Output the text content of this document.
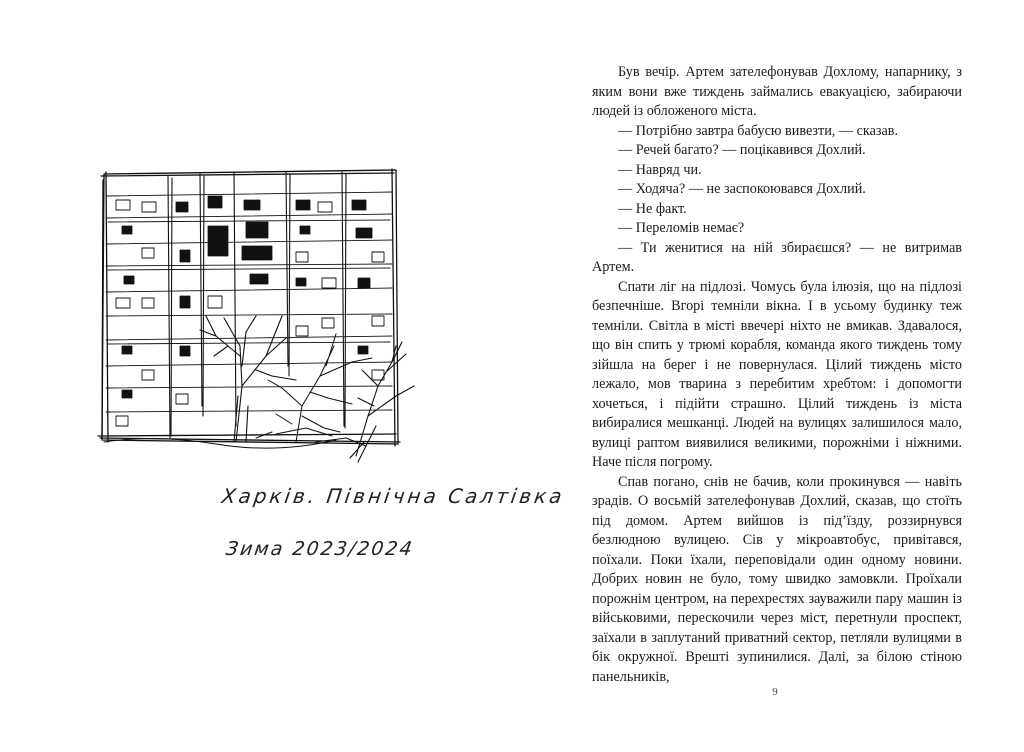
Харків. Північна Салтівка
Зима 2023/2024

Був вечір. Артем зателефонував Дохлому, напарнику, з яким вони вже тиждень займались евакуацією, забираючи людей із обложеного міста.

— Потрібно завтра бабусю вивезти, — сказав.

— Речей багато? — поцікавився Дохлий.

— Навряд чи.

— Ходяча? — не заспокоювався Дохлий.

— Не факт.

— Переломів немає?

— Ти женитися на ній збираєшся? — не витримав Артем.

Спати ліг на підлозі. Чомусь була ілюзія, що на підлозі безпечніше. Вгорі темніли вікна. І в усьому будинку теж темніли. Світла в місті ввечері ніхто не вмикав. Здавалося, що він спить у трюмі корабля, команда якого тиждень тому зійшла на берег і не повернулася. Цілий тиждень місто лежало, мов тварина з перебитим хребтом: і допомогти хочеться, і підійти страшно. Цілий тиждень із міста вибиралися мешканці. Людей на вулицях залишилося мало, вулиці раптом виявилися великими, порожніми і ніжними. Наче після погрому.

Спав погано, снів не бачив, коли прокинувся — навіть зрадів. О восьмій зателефонував Дохлий, сказав, що стоїть під домом. Артем вийшов із під’їзду, роззирнувся безлюдною вулицею. Сів у мікроавтобус, привітався, поїхали. Поки їхали, переповідали один одному новини. Добрих новин не було, тому швидко замовкли. Проїхали порожнім центром, на перехрестях зауважили пару машин із військовими, перескочили через міст, перетнули проспект, заїхали в заплутаний приватний сектор, петляли вулицями в бік окружної. Врешті зупинилися. Далі, за білою стіною панельників,

9
